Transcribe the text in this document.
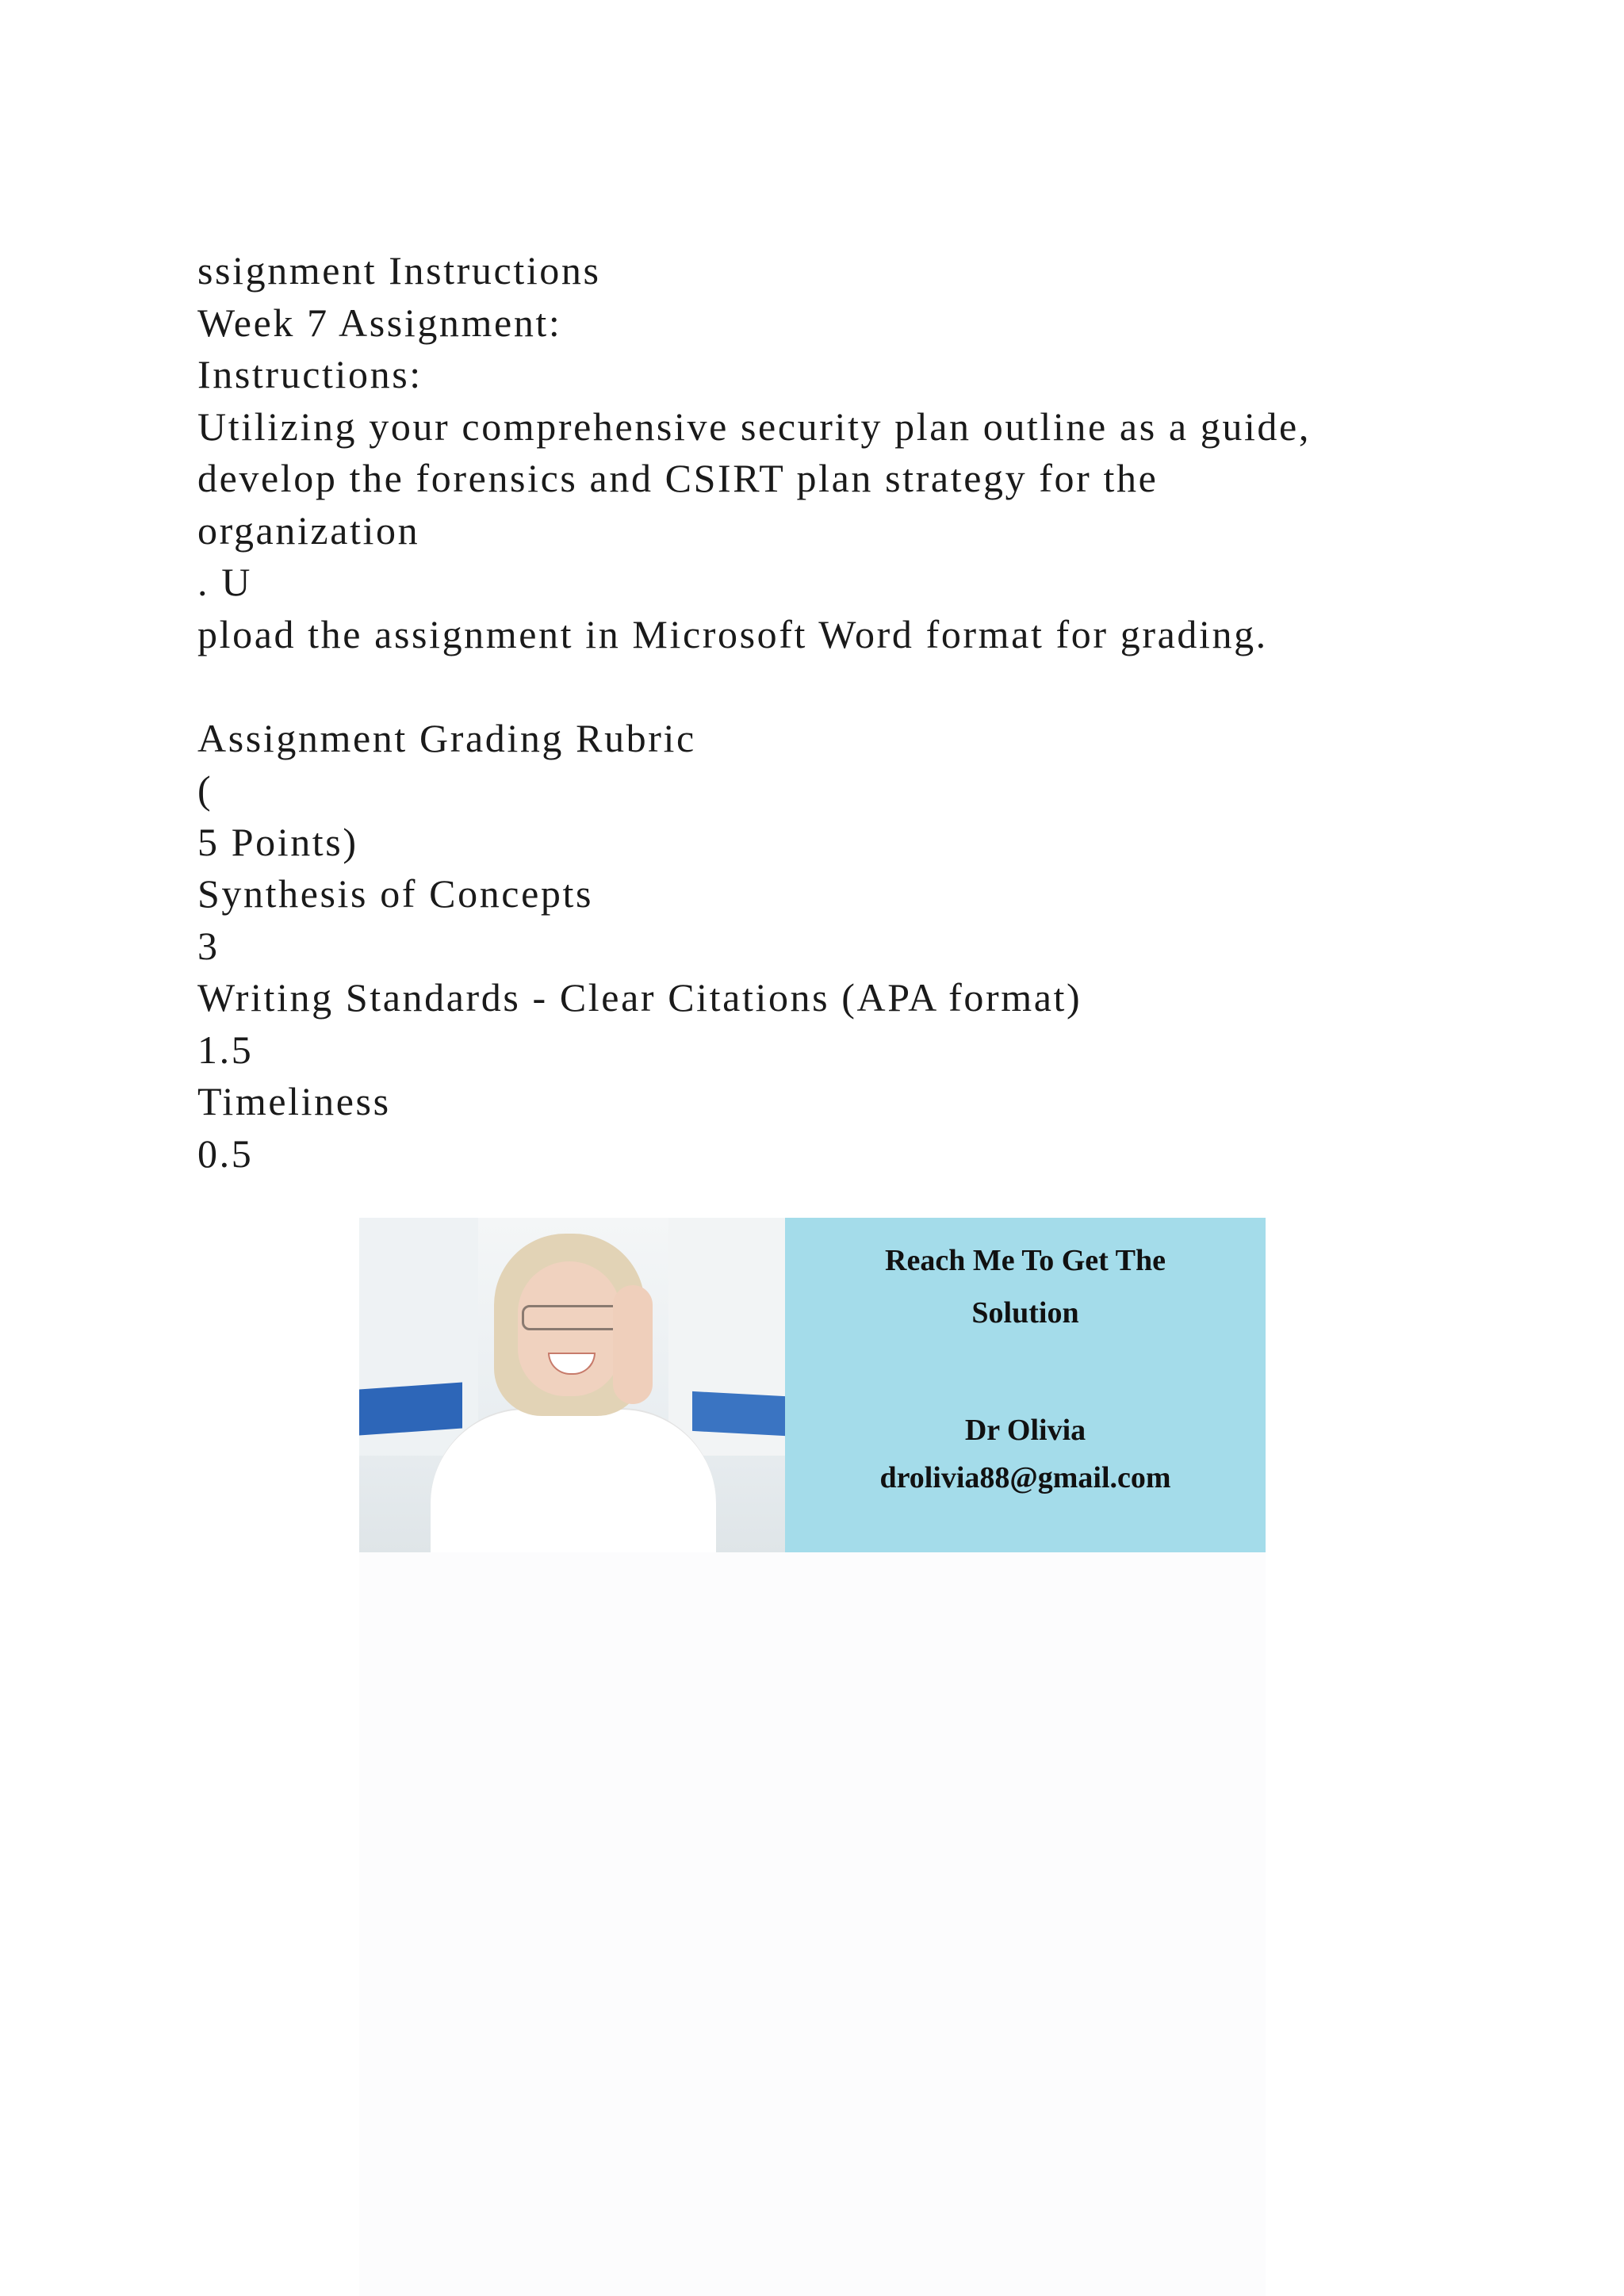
ssignment Instructions
Week 7 Assignment:
Instructions:
Utilizing your comprehensive security plan outline as a guide,
develop the forensics and CSIRT plan strategy for the
organization
. U
pload the assignment in Microsoft Word format for grading.
Assignment Grading Rubric
(
5 Points)
Synthesis of Concepts
3
Writing Standards - Clear Citations (APA format)
1.5
Timeliness
0.5
Reach Me To Get The
Solution
Dr Olivia
drolivia88@gmail.com
